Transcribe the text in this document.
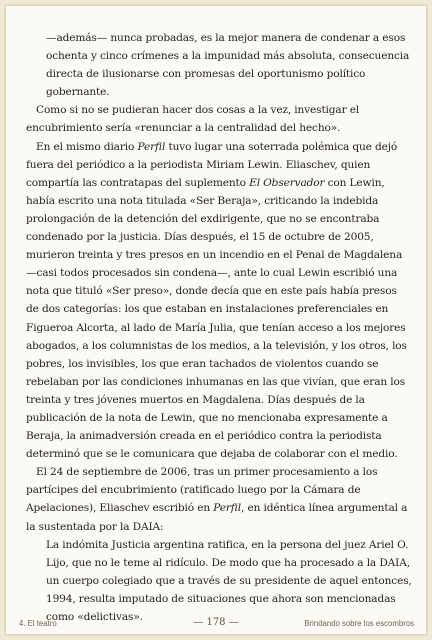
—además— nunca probadas, es la mejor manera de condenar a esos ochenta y cinco crímenes a la impunidad más absoluta, consecuencia directa de ilusionarse con promesas del oportunismo político gobernante.

Como si no se pudieran hacer dos cosas a la vez, investigar el encubrimiento sería «renunciar a la centralidad del hecho».

En el mismo diario Perfil tuvo lugar una soterrada polémica que dejó fuera del periódico a la periodista Miriam Lewin. Eliaschev, quien compartía las contratapas del suplemento El Observador con Lewin, había escrito una nota titulada «Ser Beraja», criticando la indebida prolongación de la detención del exdirigente, que no se encontraba condenado por la justicia. Días después, el 15 de octubre de 2005, murieron treinta y tres presos en un incendio en el Penal de Magdalena —casi todos procesados sin condena—, ante lo cual Lewin escribió una nota que tituló «Ser preso», donde decía que en este país había presos de dos categorías: los que estaban en instalaciones preferenciales en Figueroa Alcorta, al lado de María Julia, que tenían acceso a los mejores abogados, a los columnistas de los medios, a la televisión, y los otros, los pobres, los invisibles, los que eran tachados de violentos cuando se rebelaban por las condiciones inhumanas en las que vivían, que eran los treinta y tres jóvenes muertos en Magdalena. Días después de la publicación de la nota de Lewin, que no mencionaba expresamente a Beraja, la animadversión creada en el periódico contra la periodista determinó que se le comunicara que dejaba de colaborar con el medio.

El 24 de septiembre de 2006, tras un primer procesamiento a los partícipes del encubrimiento (ratificado luego por la Cámara de Apelaciones), Eliaschev escribió en Perfil, en idéntica línea argumental a la sustentada por la DAIA:

La indómita Justicia argentina ratifica, en la persona del juez Ariel O. Lijo, que no le teme al ridículo. De modo que ha procesado a la DAIA, un cuerpo colegiado que a través de su presidente de aquel entonces, 1994, resulta imputado de situaciones que ahora son mencionadas como «delictivas».

4. El teatro	— 178 —	Brindando sobre los escombros
